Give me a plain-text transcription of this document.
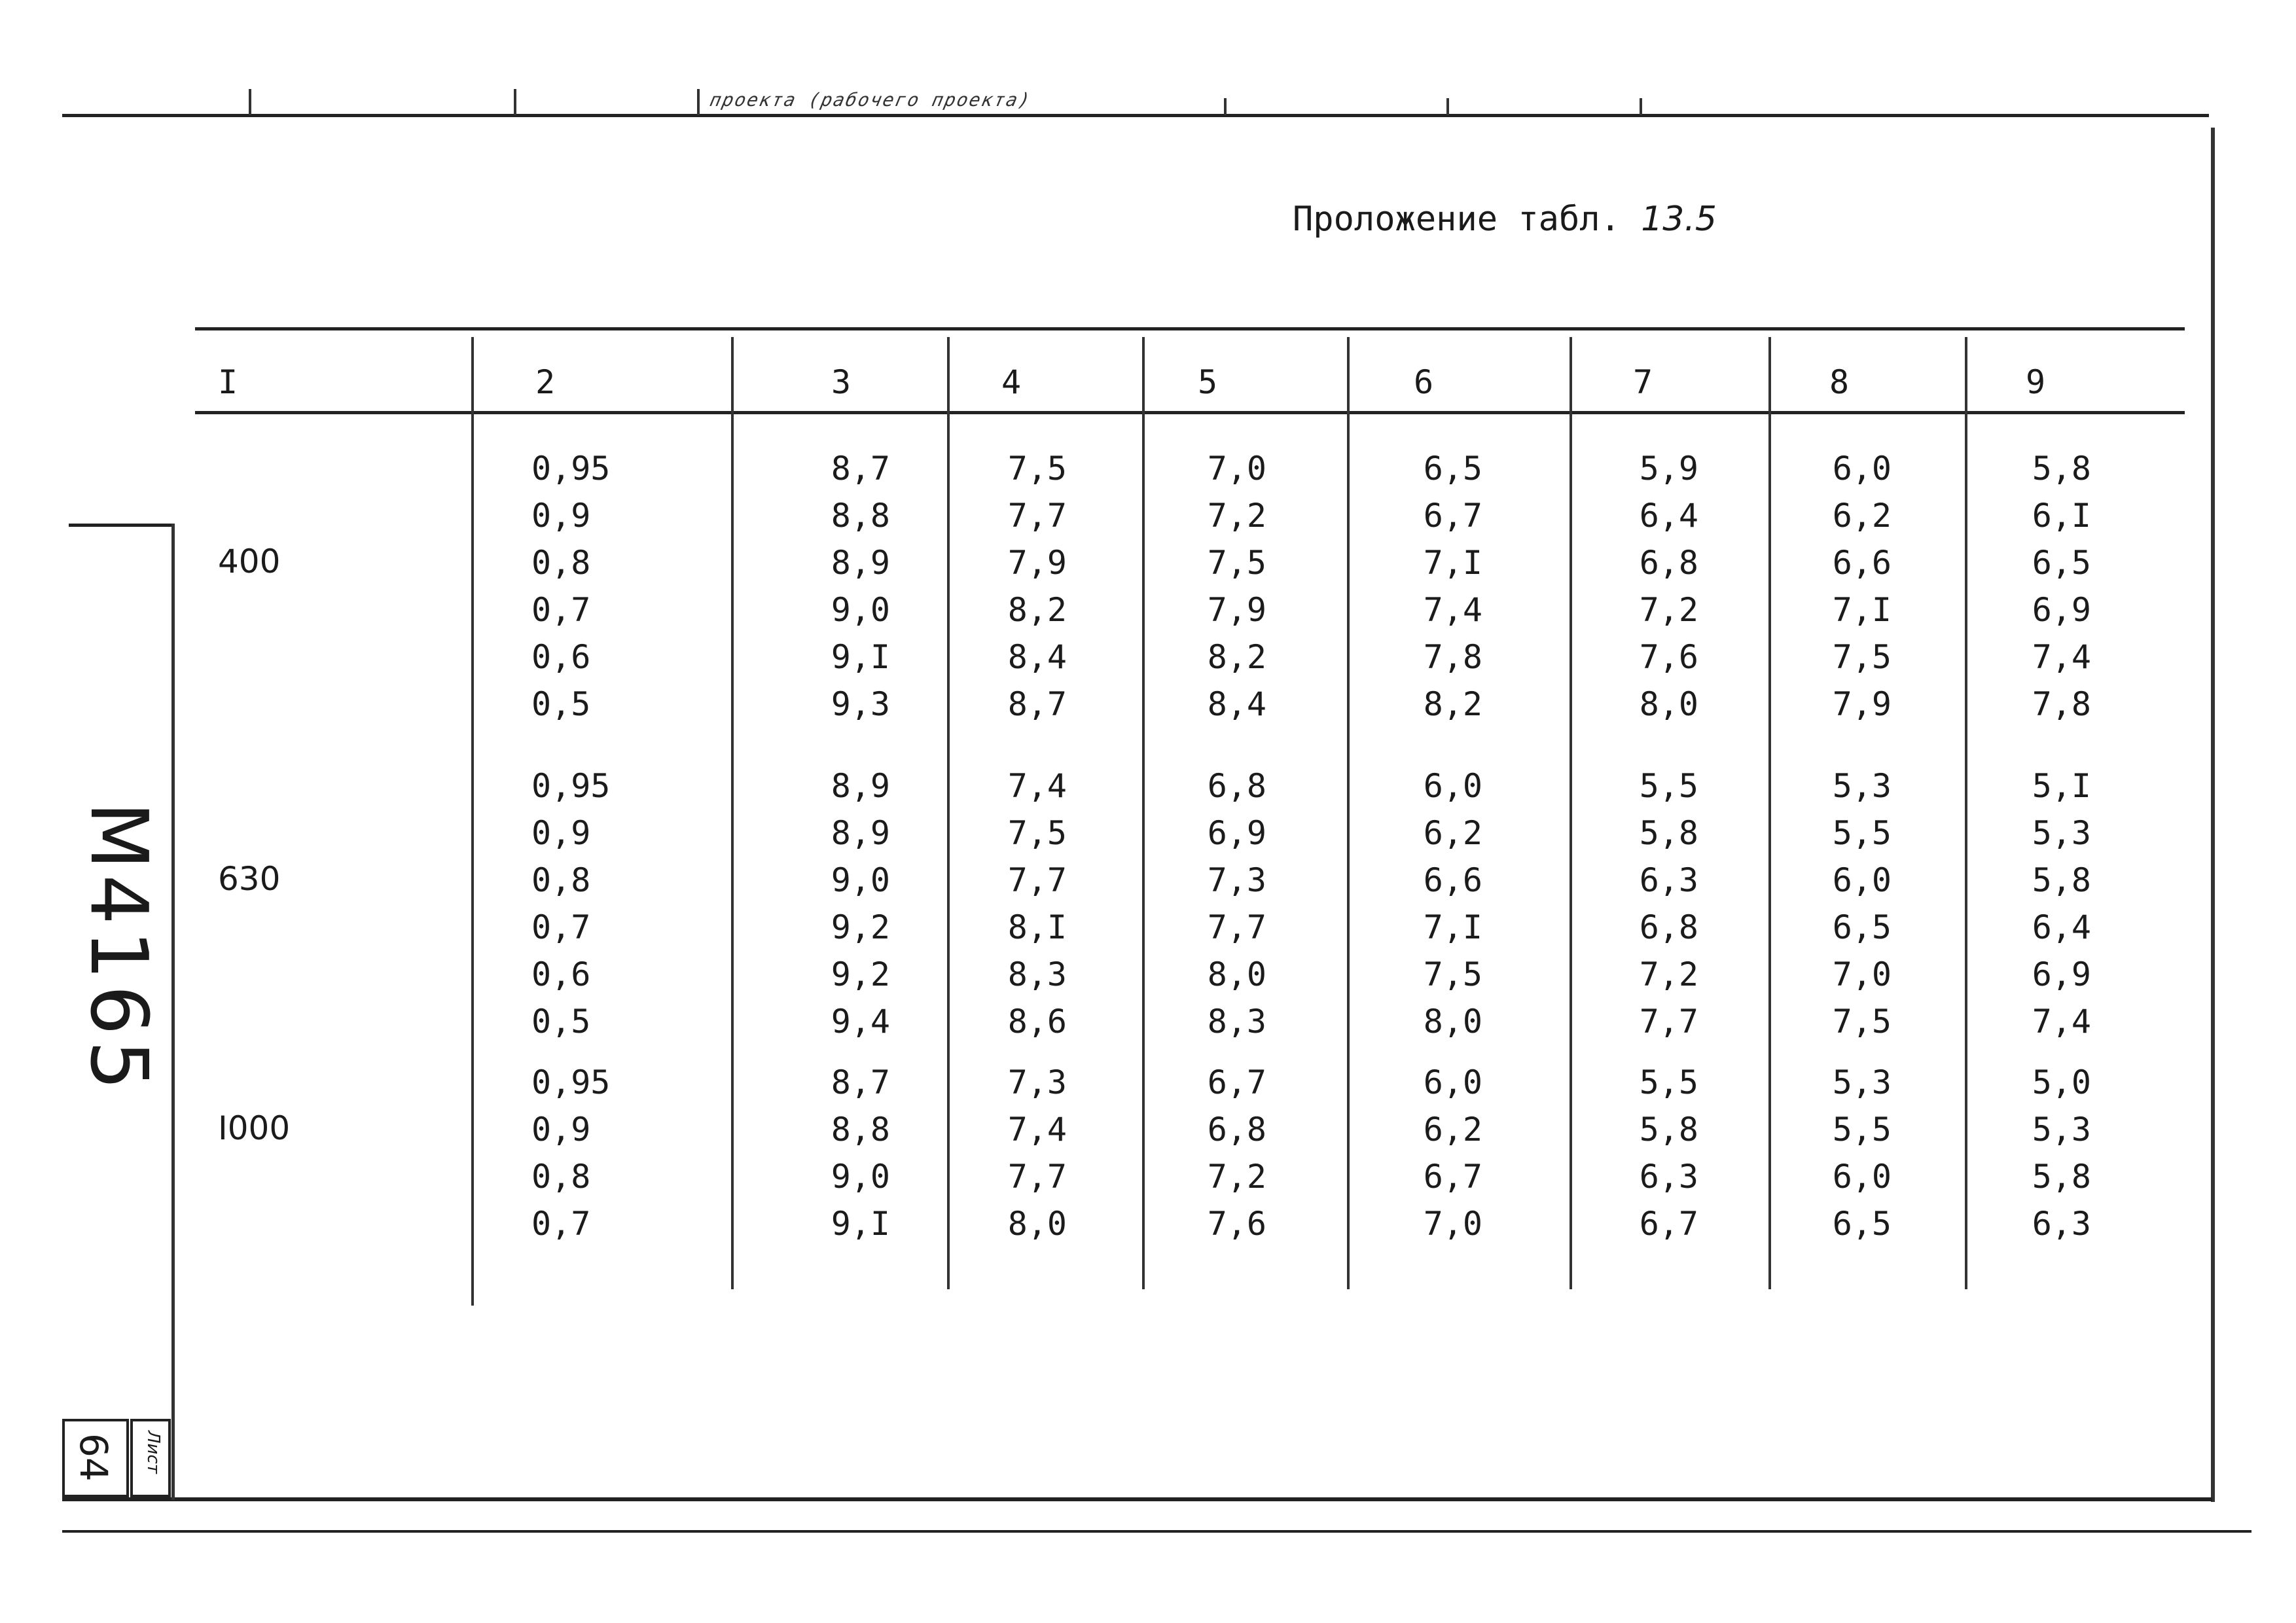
проекта (рабочего проекта)
М4165
64 Лист
Проложение табл. 13.5
I	2	3	4	5	6	7	8	9
400
0,95	8,7	7,5	7,0	6,5	5,9	6,0	5,8
0,9	8,8	7,7	7,2	6,7	6,4	6,2	6,I
0,8	8,9	7,9	7,5	7,I	6,8	6,6	6,5
0,7	9,0	8,2	7,9	7,4	7,2	7,I	6,9
0,6	9,I	8,4	8,2	7,8	7,6	7,5	7,4
0,5	9,3	8,7	8,4	8,2	8,0	7,9	7,8
630
0,95	8,9	7,4	6,8	6,0	5,5	5,3	5,I
0,9	8,9	7,5	6,9	6,2	5,8	5,5	5,3
0,8	9,0	7,7	7,3	6,6	6,3	6,0	5,8
0,7	9,2	8,I	7,7	7,I	6,8	6,5	6,4
0,6	9,2	8,3	8,0	7,5	7,2	7,0	6,9
0,5	9,4	8,6	8,3	8,0	7,7	7,5	7,4
I000
0,95	8,7	7,3	6,7	6,0	5,5	5,3	5,0
0,9	8,8	7,4	6,8	6,2	5,8	5,5	5,3
0,8	9,0	7,7	7,2	6,7	6,3	6,0	5,8
0,7	9,I	8,0	7,6	7,0	6,7	6,5	6,3
